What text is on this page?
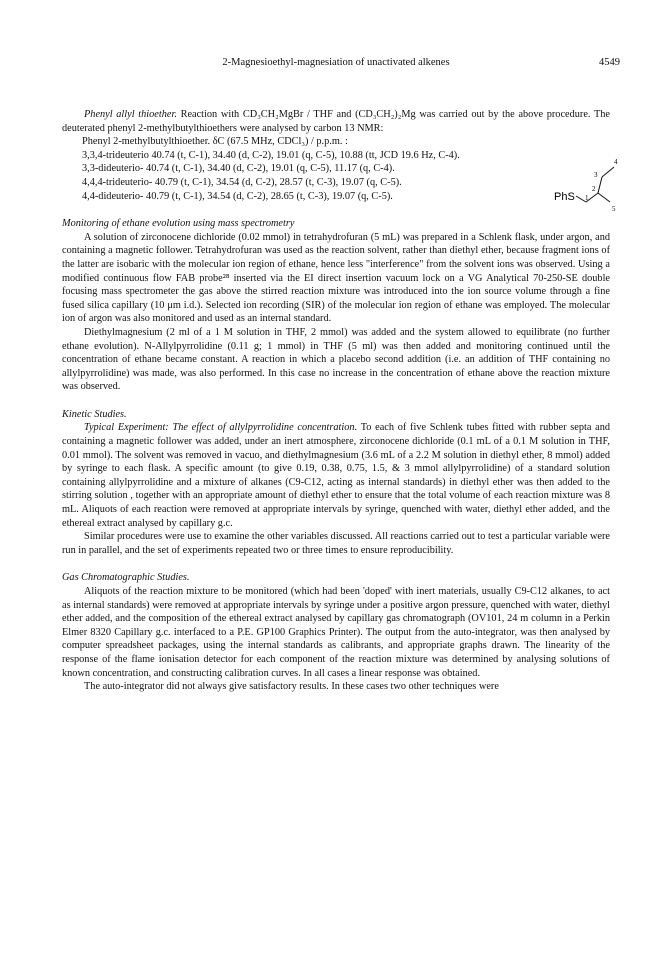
2-Magnesioethyl-magnesiation of unactivated alkenes	4549

Phenyl allyl thioether. Reaction with CD₃CH₂MgBr / THF and (CD₃CH₂)₂Mg was carried out by the above procedure. The deuterated phenyl 2-methylbutylthioethers were analysed by carbon 13 NMR:

Phenyl 2-methylbutylthioether. δC (67.5 MHz, CDCl₃) / p.p.m. :

3,3,4-trideuterio 40.74 (t, C-1), 34.40 (d, C-2), 19.01 (q, C-5), 10.88 (tt, JCD 19.6 Hz, C-4).

3,3-dideuterio- 40.74 (t, C-1), 34.40 (d, C-2), 19.01 (q, C-5), 11.17 (q, C-4).

4,4,4-trideuterio- 40.79 (t, C-1), 34.54 (d, C-2), 28.57 (t, C-3), 19.07 (q, C-5).

4,4-dideuterio- 40.79 (t, C-1), 34.54 (d, C-2), 28.65 (t, C-3), 19.07 (q, C-5).	PhS 1
2
3
4
5

Monitoring of ethane evolution using mass spectrometry

A solution of zirconocene dichloride (0.02 mmol) in tetrahydrofuran (5 mL) was prepared in a Schlenk flask, under argon, and containing a magnetic follower. Tetrahydrofuran was used as the reaction solvent, rather than diethyl ether, because fragment ions of the latter are isobaric with the molecular ion region of ethane, hence less "interference" from the solvent ions was observed. Using a modified continuous flow FAB probe²⁸ inserted via the EI direct insertion vacuum lock on a VG Analytical 70-250-SE double focusing mass spectrometer the gas above the stirred reaction mixture was introduced into the ion source volume through a fine fused silica capillary (10 μm i.d.). Selected ion recording (SIR) of the molecular ion region of ethane was employed. The molecular ion of argon was also monitored and used as an internal standard.

Diethylmagnesium (2 ml of a 1 M solution in THF, 2 mmol) was added and the system allowed to equilibrate (no further ethane evolution). N-Allylpyrrolidine (0.11 g; 1 mmol) in THF (5 ml) was then added and monitoring continued until the concentration of ethane became constant. A reaction in which a placebo second addition (i.e. an addition of THF containing no allylpyrrolidine) was made, was also performed. In this case no increase in the concentration of ethane above the reaction mixture was observed.

Kinetic Studies.

Typical Experiment: The effect of allylpyrrolidine concentration. To each of five Schlenk tubes fitted with rubber septa and containing a magnetic follower was added, under an inert atmosphere, zirconocene dichloride (0.1 mL of a 0.1 M solution in THF, 0.01 mmol). The solvent was removed in vacuo, and diethylmagnesium (3.6 mL of a 2.2 M solution in diethyl ether, 8 mmol) added by syringe to each flask. A specific amount (to give 0.19, 0.38, 0.75, 1.5, & 3 mmol allylpyrrolidine) of a standard solution containing allylpyrrolidine and a mixture of alkanes (C9-C12, acting as internal standards) in diethyl ether was then added to the stirring solution , together with an appropriate amount of diethyl ether to ensure that the total volume of each reaction mixture was 8 mL. Aliquots of each reaction were removed at appropriate intervals by syringe, quenched with water, diethyl ether added, and the ethereal extract analysed by capillary g.c.

Similar procedures were use to examine the other variables discussed. All reactions carried out to test a particular variable were run in parallel, and the set of experiments repeated two or three times to ensure reproducibility.

Gas Chromatographic Studies.

Aliquots of the reaction mixture to be monitored (which had been 'doped' with inert materials, usually C9-C12 alkanes, to act as internal standards) were removed at appropriate intervals by syringe under a positive argon pressure, quenched with water, diethyl ether added, and the composition of the ethereal extract analysed by capillary gas chromatograph (OV101, 24 m column in a Perkin Elmer 8320 Capillary g.c. interfaced to a P.E. GP100 Graphics Printer). The output from the auto-integrator, was then analysed by computer spreadsheet packages, using the internal standards as calibrants, and appropriate graphs drawn. The linearity of the response of the flame ionisation detector for each component of the reaction mixture was determined by analysing solutions of known concentration, and constructing calibration curves. In all cases a linear response was obtained.

The auto-integrator did not always give satisfactory results. In these cases two other techniques were
